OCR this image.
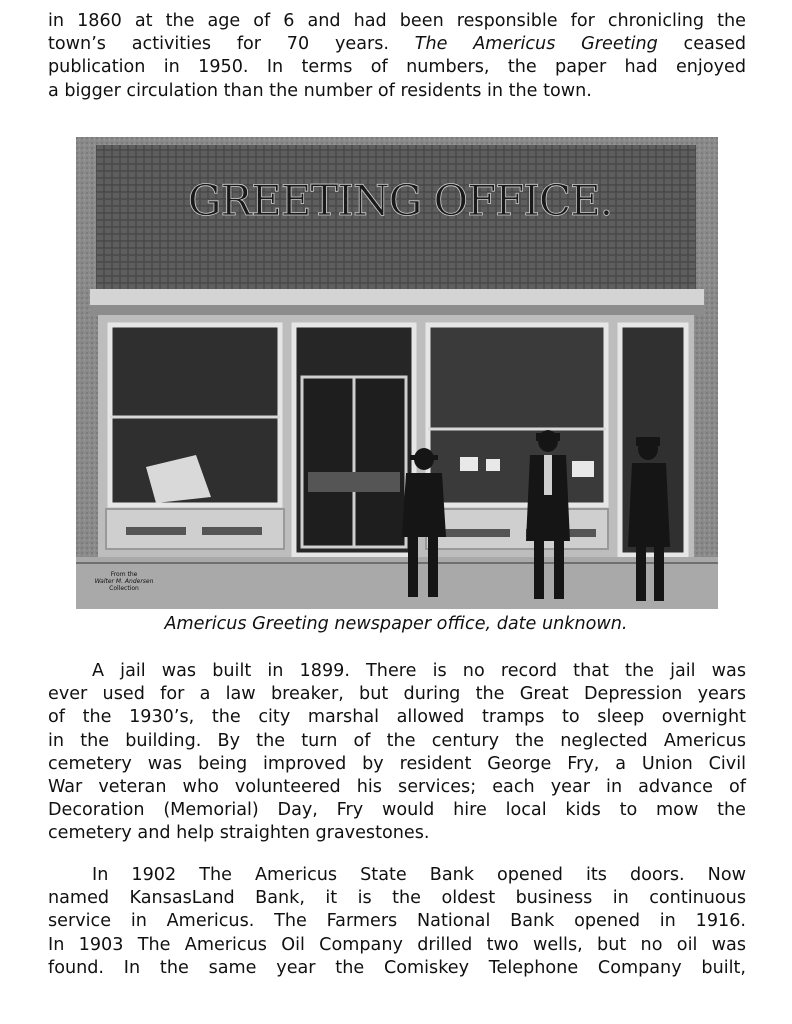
in 1860 at the age of 6 and had been responsible for chronicling the
town’s activities for 70 years. The Americus Greeting ceased
publication in 1950. In terms of numbers, the paper had enjoyed
a bigger circulation than the number of residents in the town.
GREETING OFFICE.
From the
Walter M. Andersen
Collection

Americus Greeting newspaper office, date unknown.

A jail was built in 1899. There is no record that the jail was
ever used for a law breaker, but during the Great Depression years
of the 1930’s, the city marshal allowed tramps to sleep overnight
in the building. By the turn of the century the neglected Americus
cemetery was being improved by resident George Fry, a Union Civil
War veteran who volunteered his services; each year in advance of
Decoration (Memorial) Day, Fry would hire local kids to mow the
cemetery and help straighten gravestones.
In 1902 The Americus State Bank opened its doors. Now
named KansasLand Bank, it is the oldest business in continuous
service in Americus. The Farmers National Bank opened in 1916.
In 1903 The Americus Oil Company drilled two wells, but no oil was
found. In the same year the Comiskey Telephone Company built,
